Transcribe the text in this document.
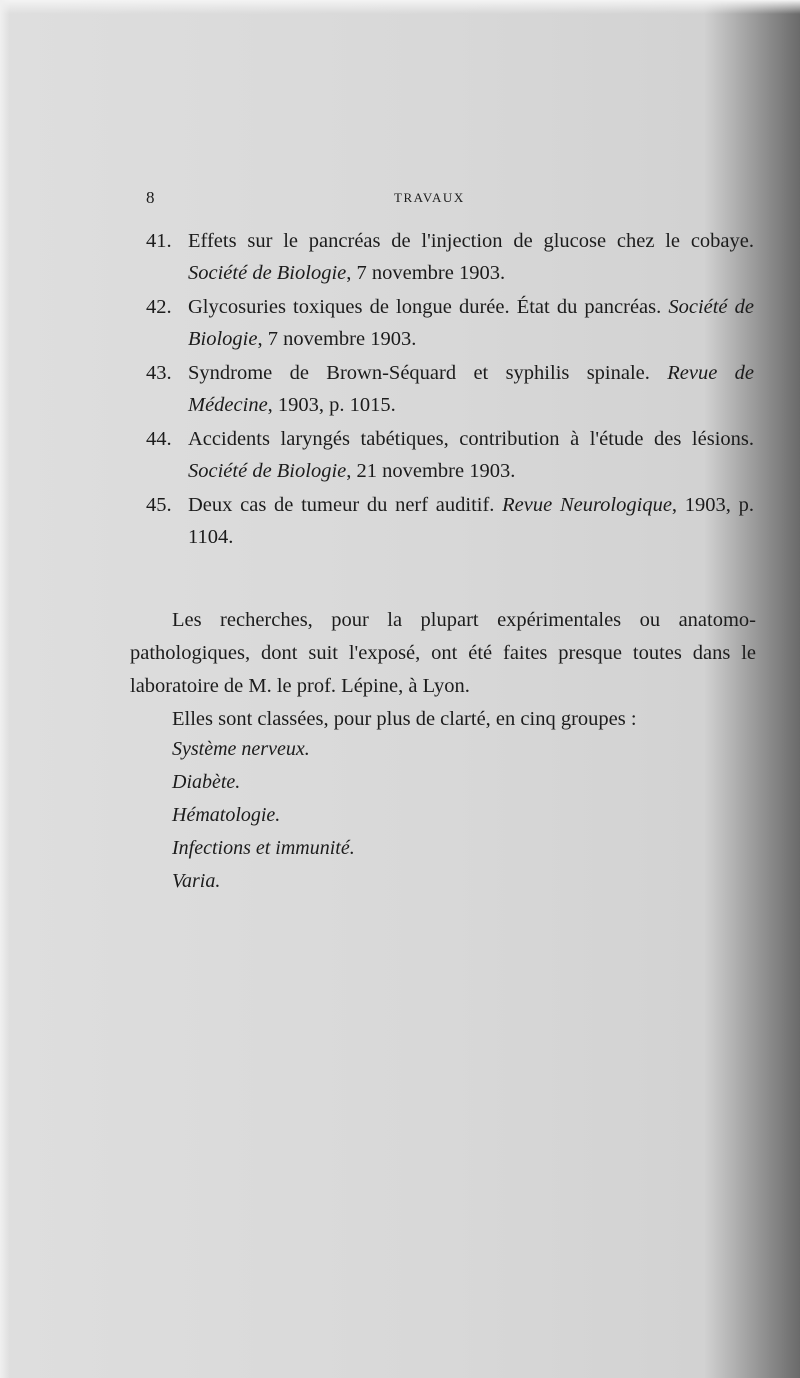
8	TRAVAUX
41. Effets sur le pancréas de l'injection de glucose chez le cobaye. Société de Biologie, 7 novembre 1903.
42. Glycosuries toxiques de longue durée. État du pancréas. Société de Biologie, 7 novembre 1903.
43. Syndrome de Brown-Séquard et syphilis spinale. Revue de Médecine, 1903, p. 1015.
44. Accidents laryngés tabétiques, contribution à l'étude des lésions. Société de Biologie, 21 novembre 1903.
45. Deux cas de tumeur du nerf auditif. Revue Neurologique, 1903, p. 1104.

Les recherches, pour la plupart expérimentales ou anatomo-pathologiques, dont suit l'exposé, ont été faites presque toutes dans le laboratoire de M. le prof. Lépine, à Lyon.

Elles sont classées, pour plus de clarté, en cinq groupes :

Système nerveux.
Diabète.
Hématologie.
Infections et immunité.
Varia.
